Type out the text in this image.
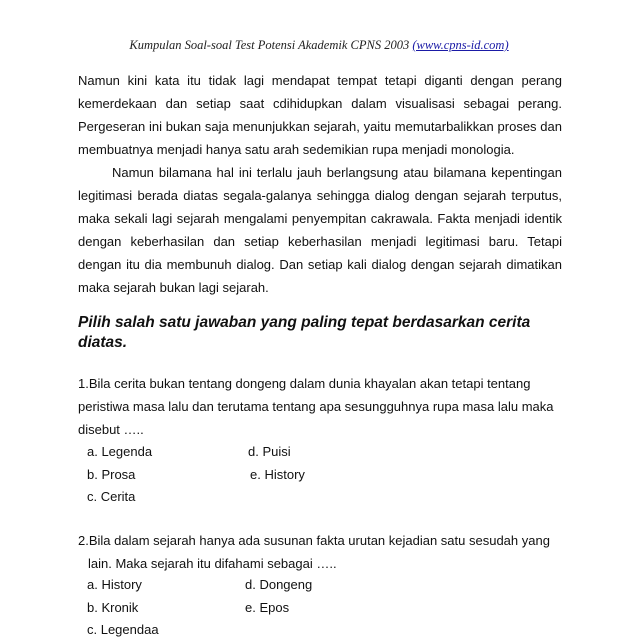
Kumpulan Soal-soal Test Potensi Akademik CPNS 2003 (www.cpns-id.com)

Namun kini kata itu tidak lagi mendapat tempat tetapi diganti dengan perang kemerdekaan dan setiap saat cdihidupkan dalam visualisasi sebagai perang. Pergeseran ini bukan saja menunjukkan sejarah, yaitu memutarbalikkan proses dan membuatnya menjadi hanya satu arah sedemikian rupa menjadi monologia.

Namun bilamana hal ini terlalu jauh berlangsung atau bilamana kepentingan legitimasi berada diatas segala-galanya sehingga dialog dengan sejarah terputus, maka sekali lagi sejarah mengalami penyempitan cakrawala. Fakta menjadi identik dengan keberhasilan dan setiap keberhasilan menjadi legitimasi baru. Tetapi dengan itu dia membunuh dialog. Dan setiap kali dialog dengan sejarah dimatikan maka sejarah bukan lagi sejarah.

Pilih salah satu jawaban yang paling tepat berdasarkan cerita diatas.

1.Bila cerita bukan tentang dongeng dalam dunia khayalan akan tetapi tentang peristiwa masa lalu dan terutama tentang apa sesungguhnya rupa masa lalu maka disebut …..

a. Legenda
b. Prosa
c. Cerita
d. Puisi
e. History
2.Bila dalam sejarah hanya ada susunan fakta urutan kejadian satu sesudah yang
lain. Maka sejarah itu difahami sebagai …..
a. History
b. Kronik
c. Legendaa
d. Dongeng
e. Epos
